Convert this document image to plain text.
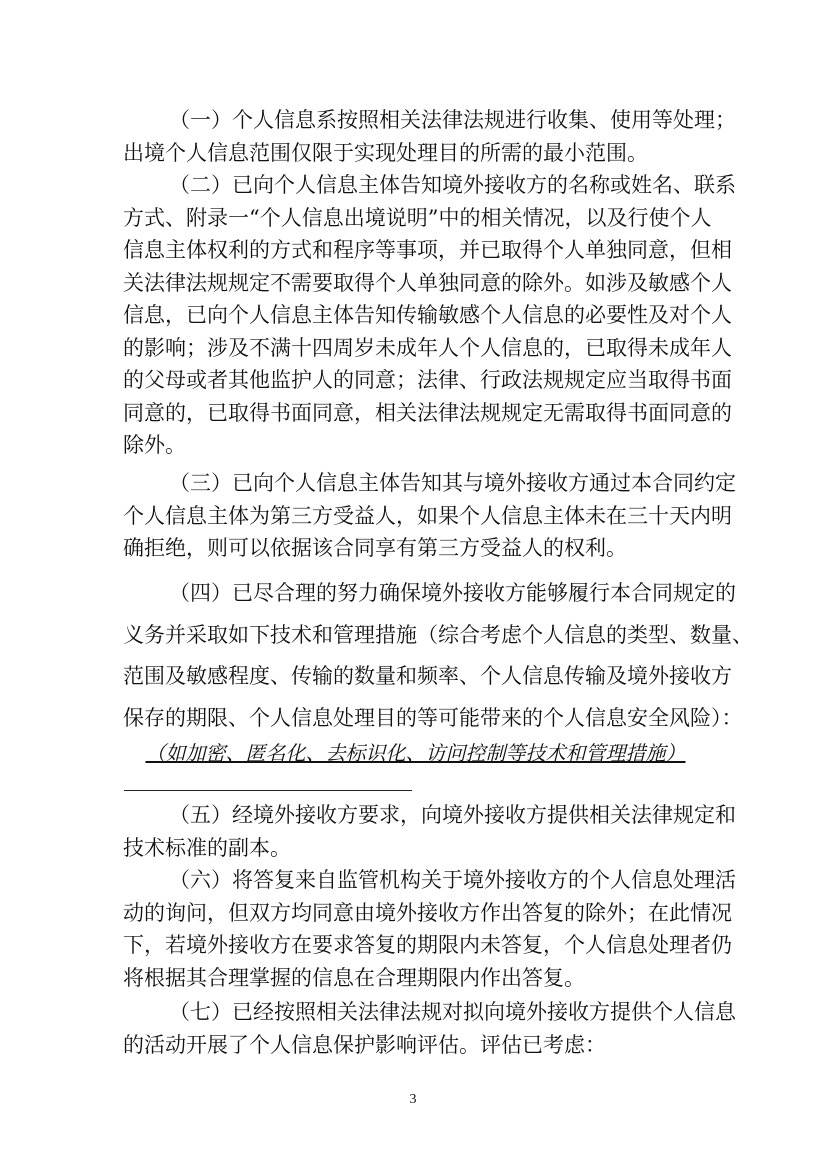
（一）个人信息系按照相关法律法规进行收集、使用等处理；
出境个人信息范围仅限于实现处理目的所需的最小范围。
（二）已向个人信息主体告知境外接收方的名称或姓名、联系
方式、附录一“个人信息出境说明”中的相关情况，以及行使个人
信息主体权利的方式和程序等事项，并已取得个人单独同意，但相
关法律法规规定不需要取得个人单独同意的除外。如涉及敏感个人
信息，已向个人信息主体告知传输敏感个人信息的必要性及对个人
的影响；涉及不满十四周岁未成年人个人信息的，已取得未成年人
的父母或者其他监护人的同意；法律、行政法规规定应当取得书面
同意的，已取得书面同意，相关法律法规规定无需取得书面同意的
除外。
（三）已向个人信息主体告知其与境外接收方通过本合同约定
个人信息主体为第三方受益人，如果个人信息主体未在三十天内明
确拒绝，则可以依据该合同享有第三方受益人的权利。
（四）已尽合理的努力确保境外接收方能够履行本合同规定的
义务并采取如下技术和管理措施（综合考虑个人信息的类型、数量、
范围及敏感程度、传输的数量和频率、个人信息传输及境外接收方
保存的期限、个人信息处理目的等可能带来的个人信息安全风险）：
（如加密、匿名化、去标识化、访问控制等技术和管理措施）
（五）经境外接收方要求，向境外接收方提供相关法律规定和
技术标准的副本。
（六）将答复来自监管机构关于境外接收方的个人信息处理活
动的询问，但双方均同意由境外接收方作出答复的除外；在此情况
下，若境外接收方在要求答复的期限内未答复，个人信息处理者仍
将根据其合理掌握的信息在合理期限内作出答复。
（七）已经按照相关法律法规对拟向境外接收方提供个人信息
的活动开展了个人信息保护影响评估。评估已考虑：
3
